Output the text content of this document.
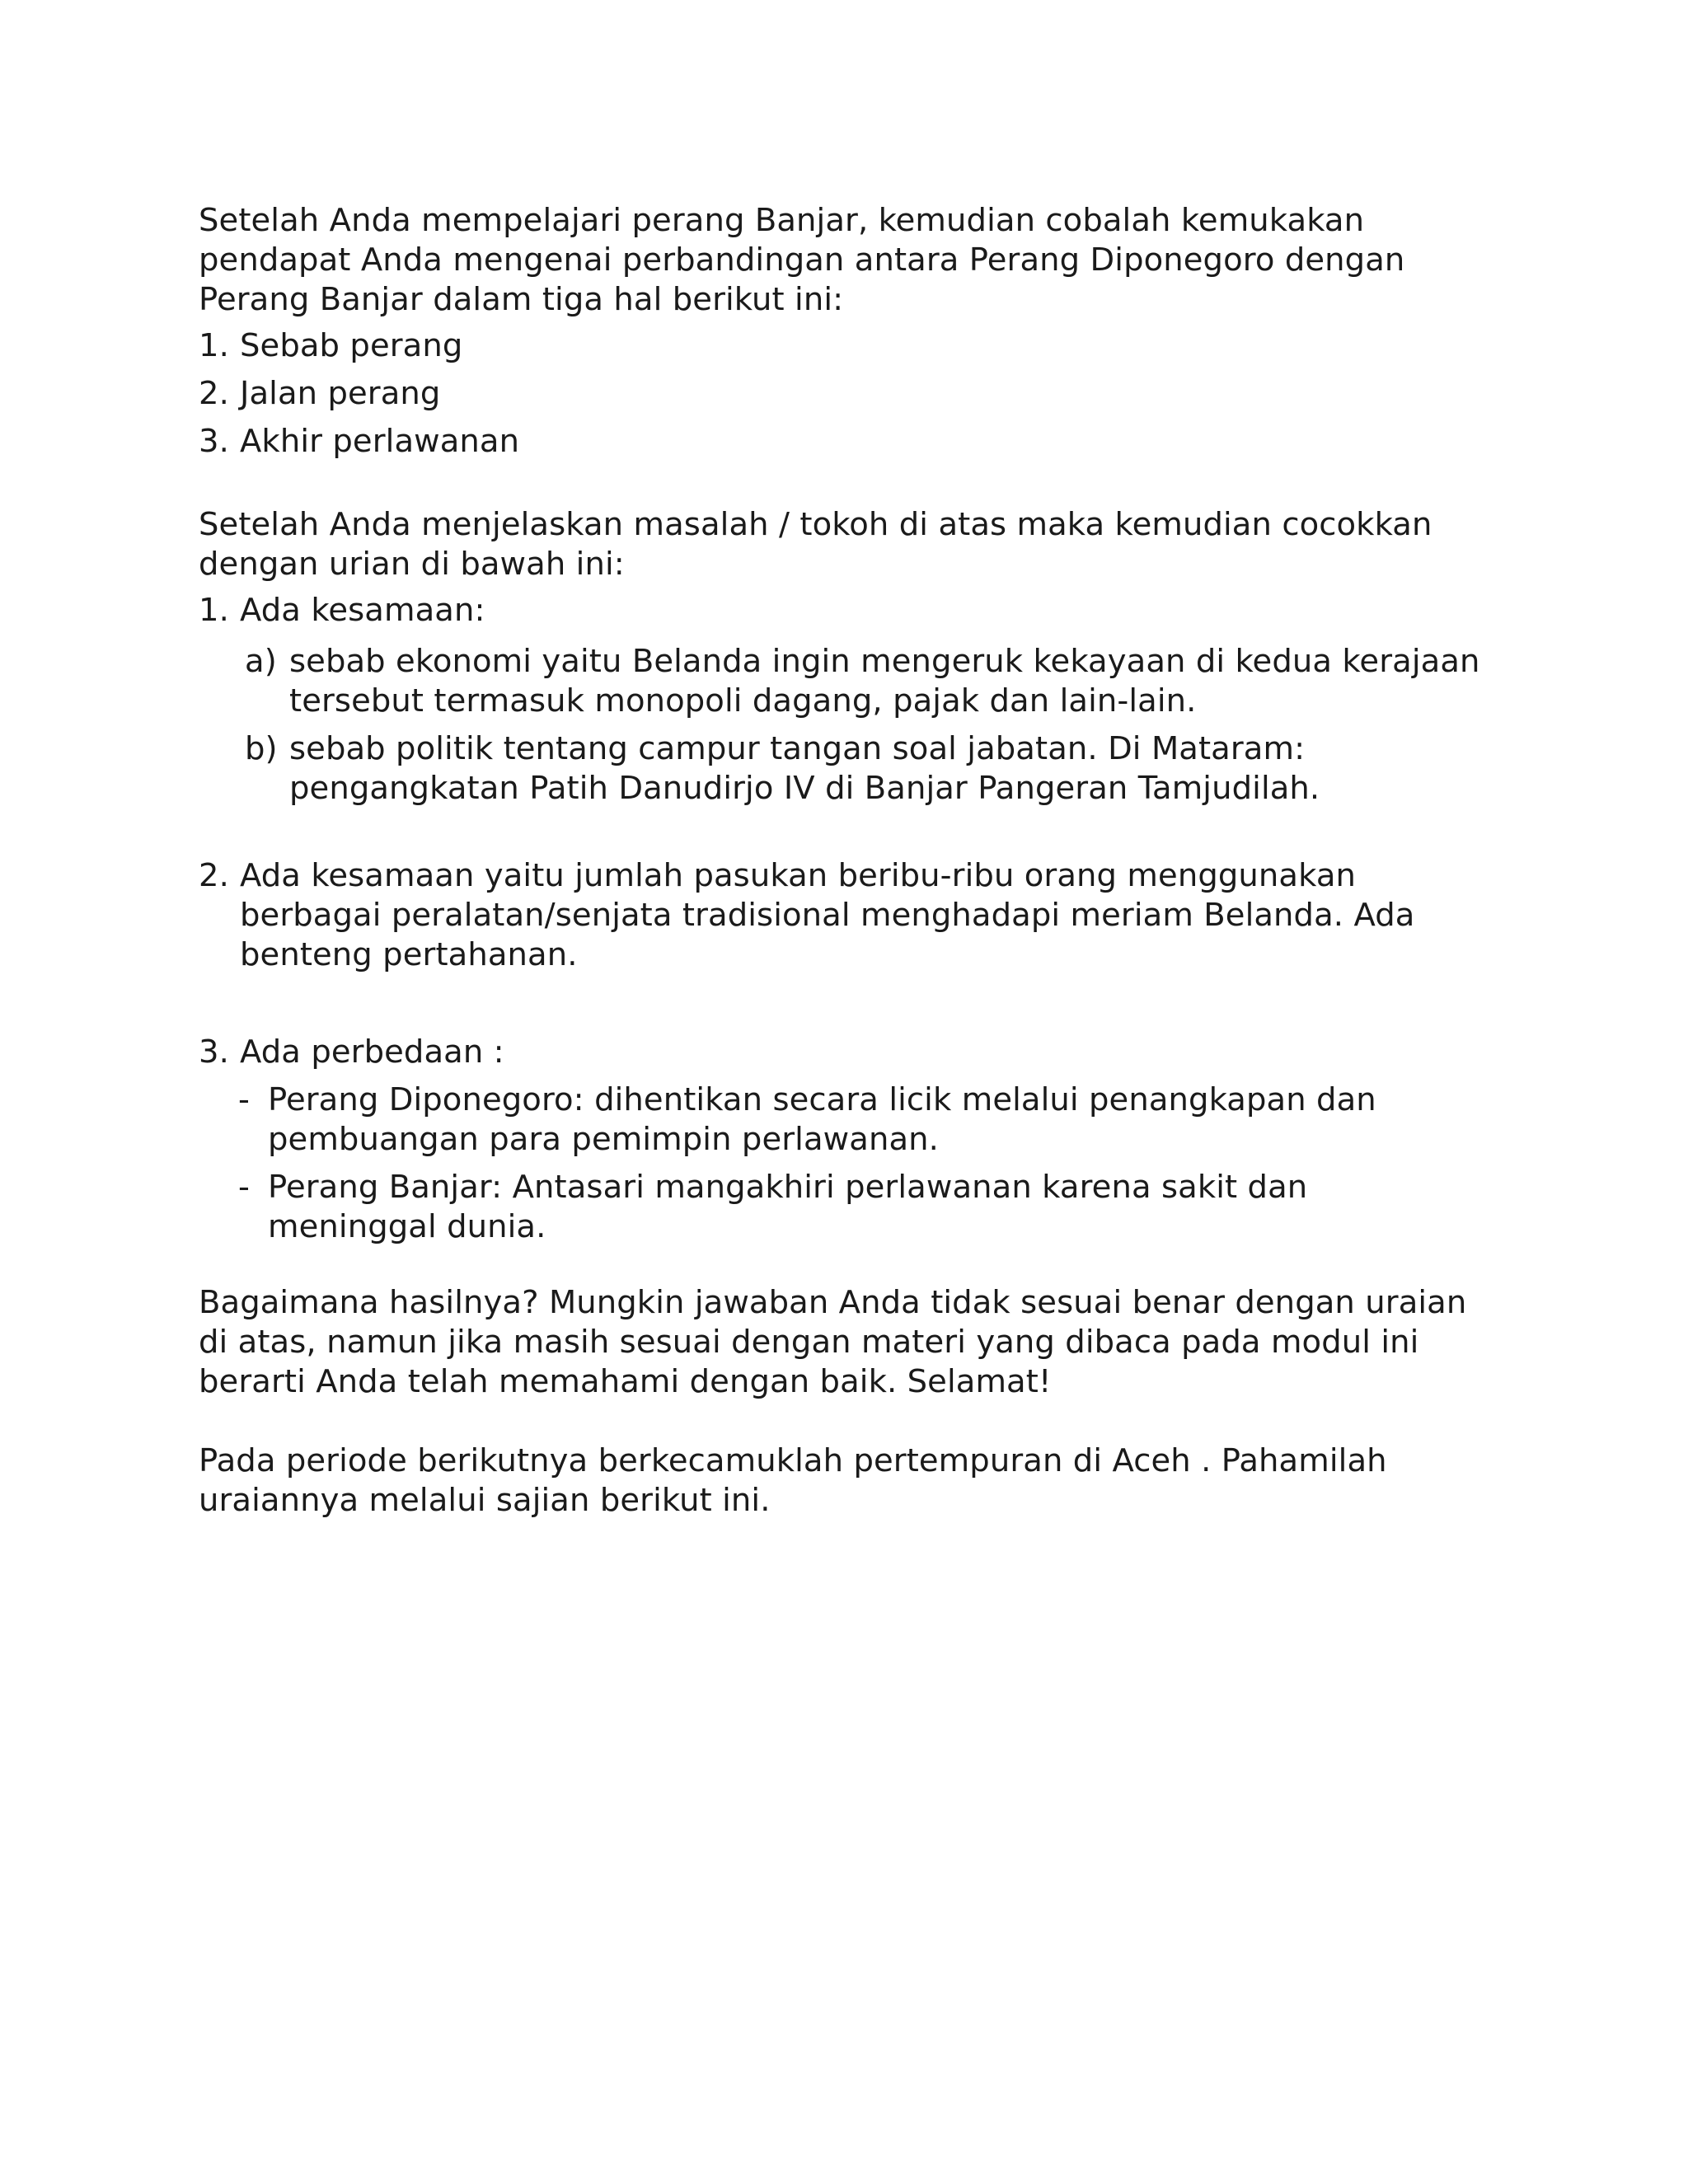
Setelah Anda mempelajari perang Banjar, kemudian cobalah kemukakan pendapat Anda mengenai perbandingan antara Perang Diponegoro dengan Perang Banjar dalam tiga hal berikut ini:

1. Sebab perang
2. Jalan perang
3. Akhir perlawanan

Setelah Anda menjelaskan masalah / tokoh di atas maka kemudian cocokkan dengan urian di bawah ini:

1. Ada kesamaan:
a) sebab ekonomi yaitu Belanda ingin mengeruk kekayaan di kedua kerajaan tersebut termasuk monopoli dagang, pajak dan lain-lain.
b) sebab politik tentang campur tangan soal jabatan. Di Mataram: pengangkatan Patih Danudirjo IV di Banjar Pangeran Tamjudilah.
2. Ada kesamaan yaitu jumlah pasukan beribu-ribu orang menggunakan berbagai peralatan/senjata tradisional menghadapi meriam Belanda. Ada benteng pertahanan.
3. Ada perbedaan :
- Perang Diponegoro: dihentikan secara licik melalui penangkapan dan pembuangan para pemimpin perlawanan.
- Perang Banjar: Antasari mangakhiri perlawanan karena sakit dan meninggal dunia.

Bagaimana hasilnya? Mungkin jawaban Anda tidak sesuai benar dengan uraian di atas, namun jika masih sesuai dengan materi yang dibaca pada modul ini berarti Anda telah memahami dengan baik. Selamat!

Pada periode berikutnya berkecamuklah pertempuran di Aceh . Pahamilah uraiannya melalui sajian berikut ini.
